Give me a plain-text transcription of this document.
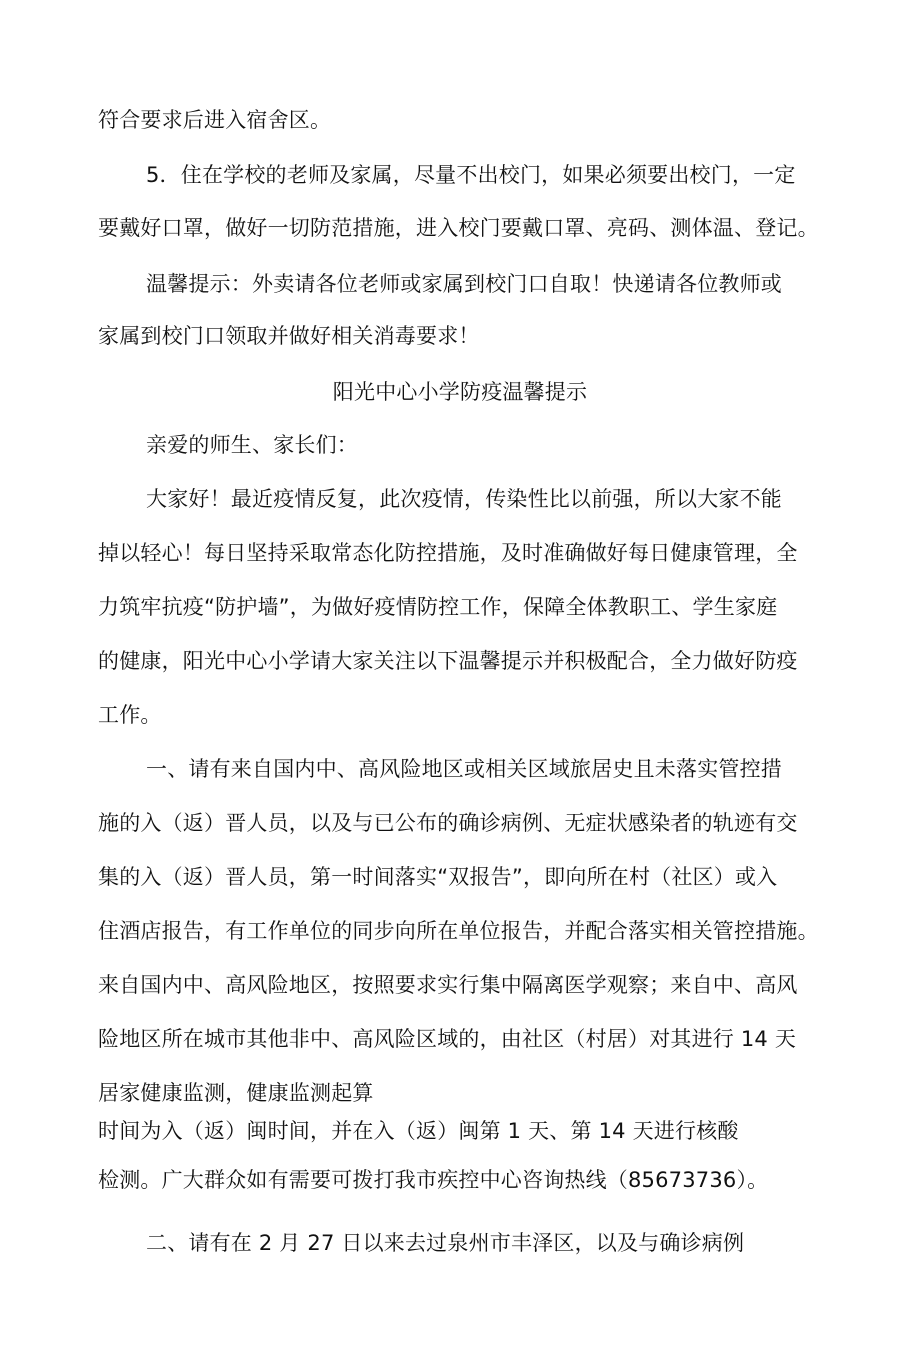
符合要求后进入宿舍区。
5．住在学校的老师及家属，尽量不出校门，如果必须要出校门，一定
要戴好口罩，做好一切防范措施，进入校门要戴口罩、亮码、测体温、登记。
温馨提示：外卖请各位老师或家属到校门口自取！快递请各位教师或
家属到校门口领取并做好相关消毒要求！
阳光中心小学防疫温馨提示
亲爱的师生、家长们：
大家好！最近疫情反复，此次疫情，传染性比以前强，所以大家不能
掉以轻心！每日坚持采取常态化防控措施，及时准确做好每日健康管理，全
力筑牢抗疫“防护墙”，为做好疫情防控工作，保障全体教职工、学生家庭
的健康，阳光中心小学请大家关注以下温馨提示并积极配合，全力做好防疫
工作。
一、请有来自国内中、高风险地区或相关区域旅居史且未落实管控措
施的入（返）晋人员，以及与已公布的确诊病例、无症状感染者的轨迹有交
集的入（返）晋人员，第一时间落实“双报告”，即向所在村（社区）或入
住酒店报告，有工作单位的同步向所在单位报告，并配合落实相关管控措施。
来自国内中、高风险地区，按照要求实行集中隔离医学观察；来自中、高风
险地区所在城市其他非中、高风险区域的，由社区（村居）对其进行 14 天
居家健康监测，健康监测起算
时间为入（返）闽时间，并在入（返）闽第 1 天、第 14 天进行核酸
检测。广大群众如有需要可拨打我市疾控中心咨询热线（85673736）。
二、请有在 2 月 27 日以来去过泉州市丰泽区，以及与确诊病例
